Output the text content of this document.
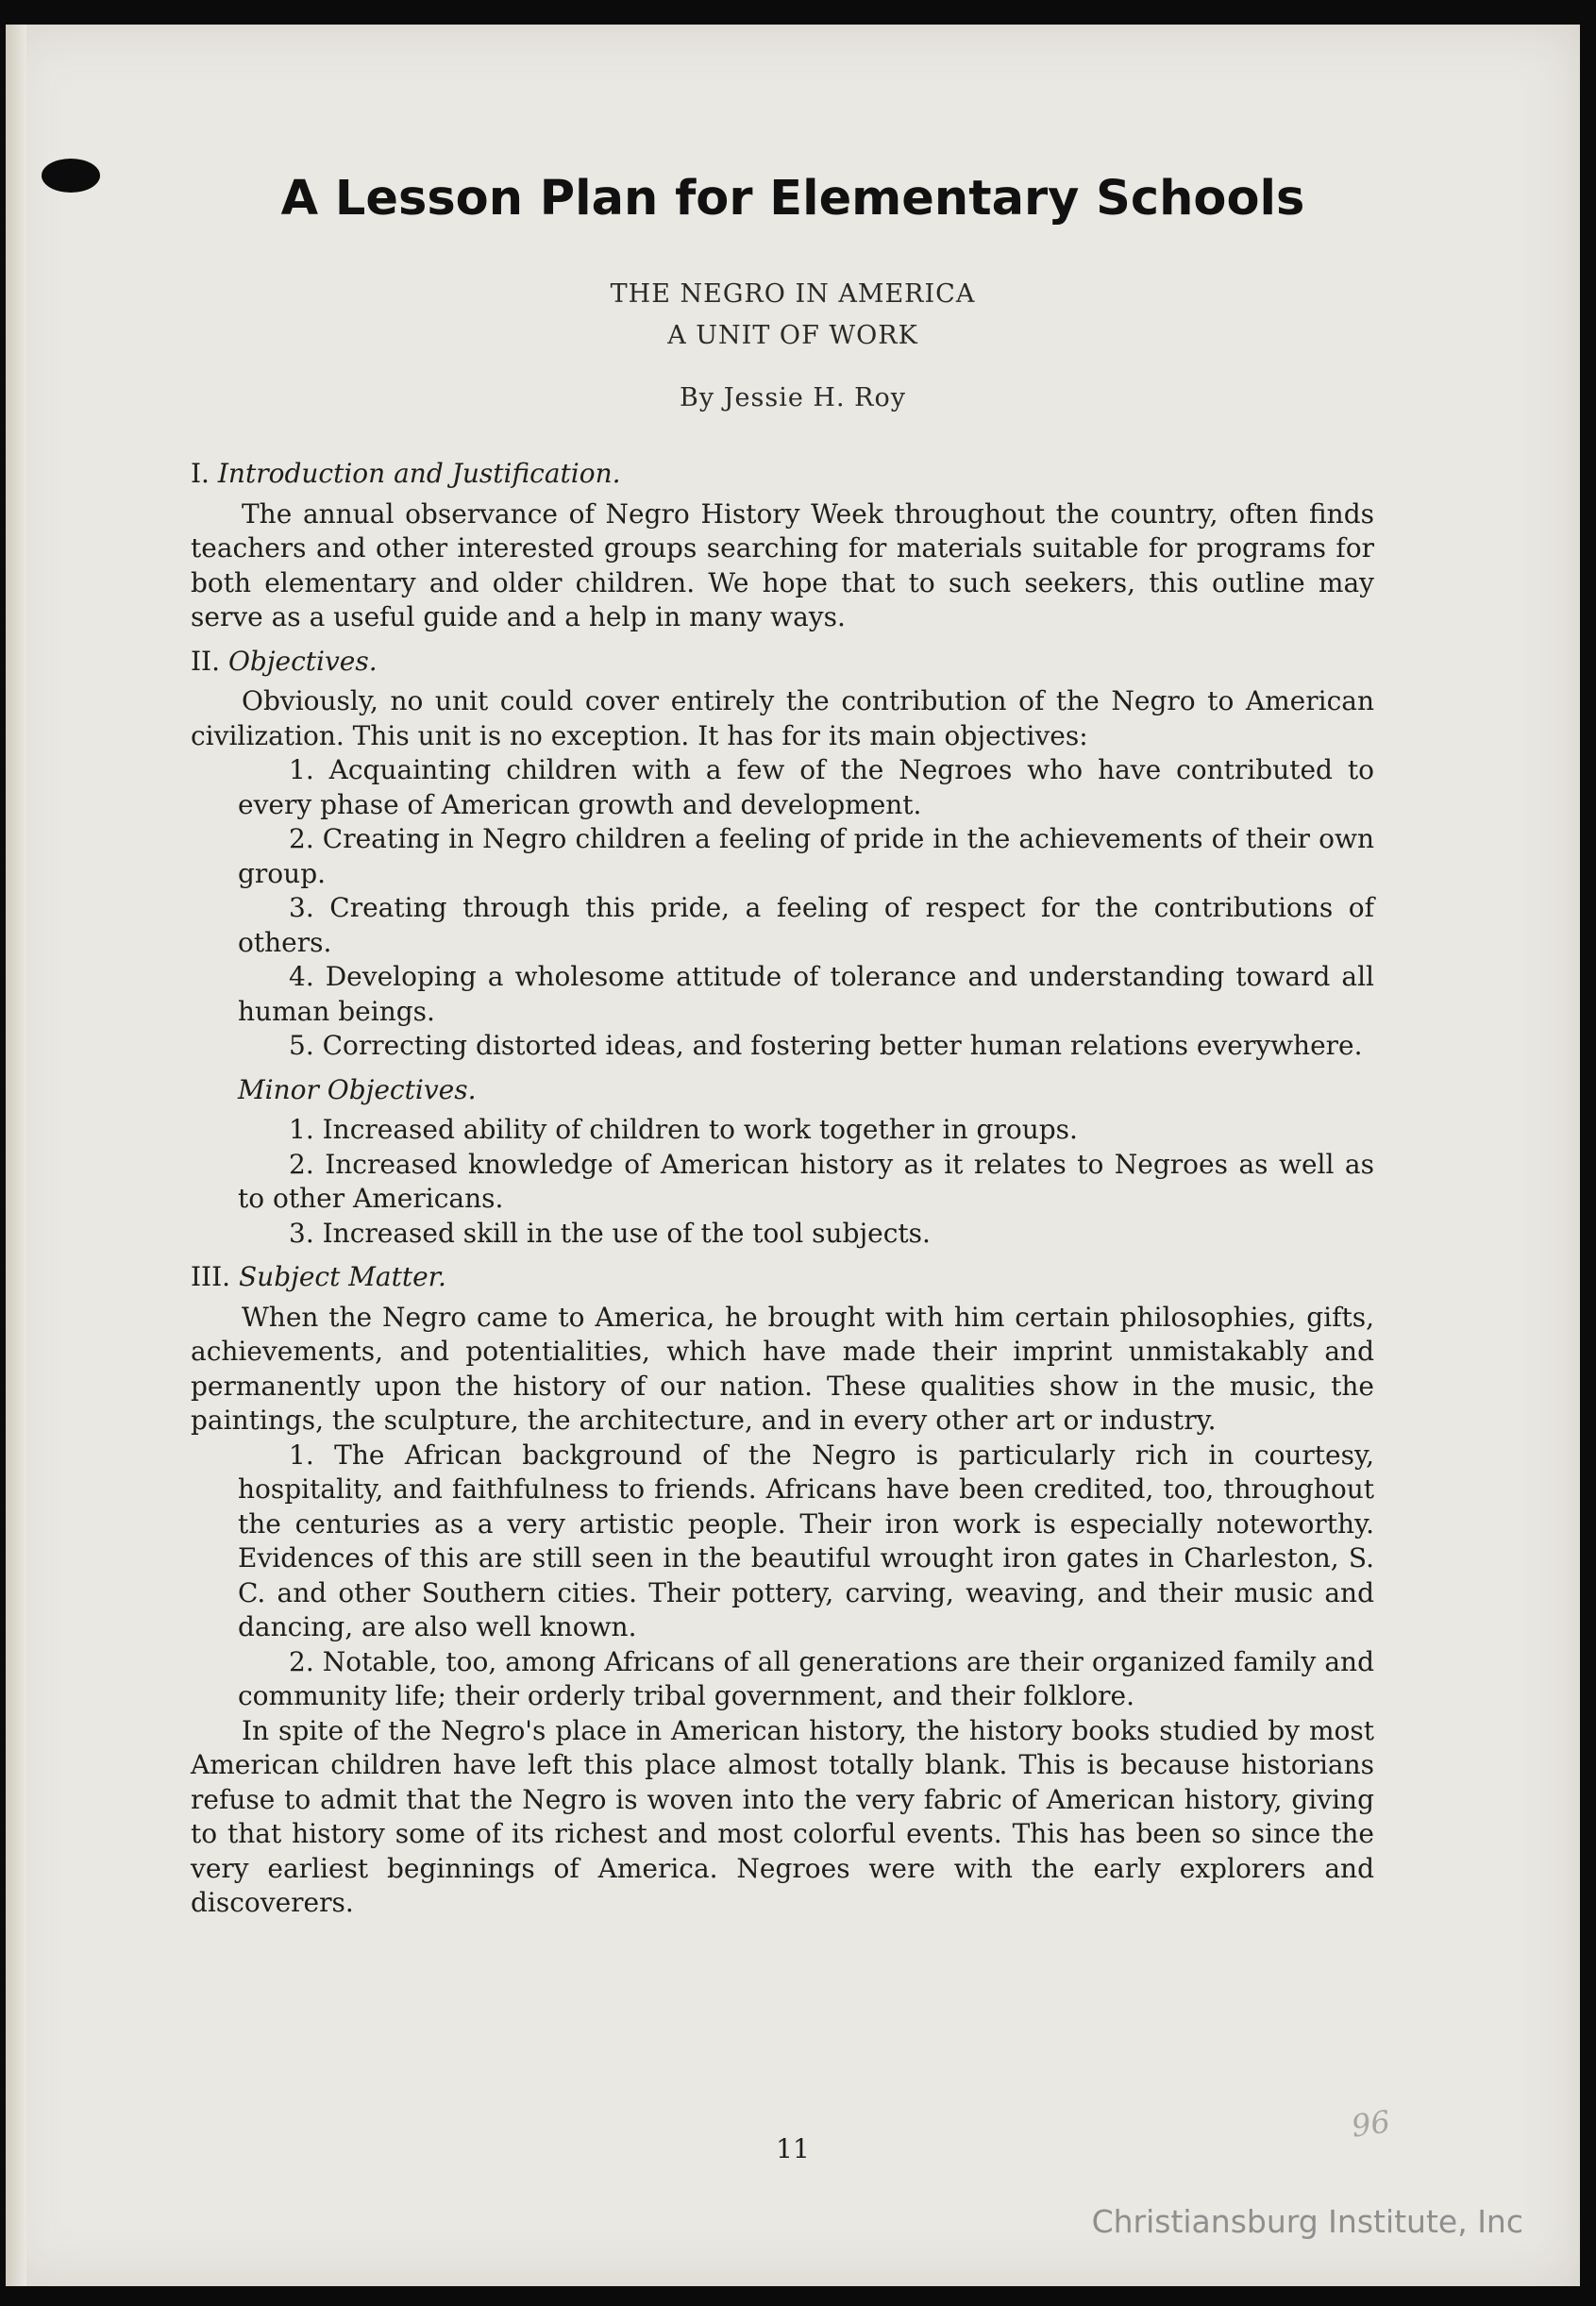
A Lesson Plan for Elementary Schools
THE NEGRO IN AMERICA
A UNIT OF WORK
By Jessie H. Roy

I. Introduction and Justification.

The annual observance of Negro History Week throughout the country, often finds teachers and other interested groups searching for materials suitable for programs for both elementary and older children. We hope that to such seekers, this outline may serve as a useful guide and a help in many ways.

II. Objectives.

Obviously, no unit could cover entirely the contribution of the Negro to American civilization. This unit is no exception. It has for its main objectives:

1. Acquainting children with a few of the Negroes who have contributed to every phase of American growth and development.

2. Creating in Negro children a feeling of pride in the achievements of their own group.

3. Creating through this pride, a feeling of respect for the contributions of others.

4. Developing a wholesome attitude of tolerance and understanding toward all human beings.

5. Correcting distorted ideas, and fostering better human relations everywhere.

Minor Objectives.

1. Increased ability of children to work together in groups.

2. Increased knowledge of American history as it relates to Negroes as well as to other Americans.

3. Increased skill in the use of the tool subjects.

III. Subject Matter.

When the Negro came to America, he brought with him certain philosophies, gifts, achievements, and potentialities, which have made their imprint unmistakably and permanently upon the history of our nation. These qualities show in the music, the paintings, the sculpture, the architecture, and in every other art or industry.

1. The African background of the Negro is particularly rich in courtesy, hospitality, and faithfulness to friends. Africans have been credited, too, throughout the centuries as a very artistic people. Their iron work is especially noteworthy. Evidences of this are still seen in the beautiful wrought iron gates in Charleston, S. C. and other Southern cities. Their pottery, carving, weaving, and their music and dancing, are also well known.

2. Notable, too, among Africans of all generations are their organized family and community life; their orderly tribal government, and their folklore.

In spite of the Negro's place in American history, the history books studied by most American children have left this place almost totally blank. This is because historians refuse to admit that the Negro is woven into the very fabric of American history, giving to that history some of its richest and most colorful events. This has been so since the very earliest beginnings of America. Negroes were with the early explorers and discoverers.

11
96
Christiansburg Institute, Inc
